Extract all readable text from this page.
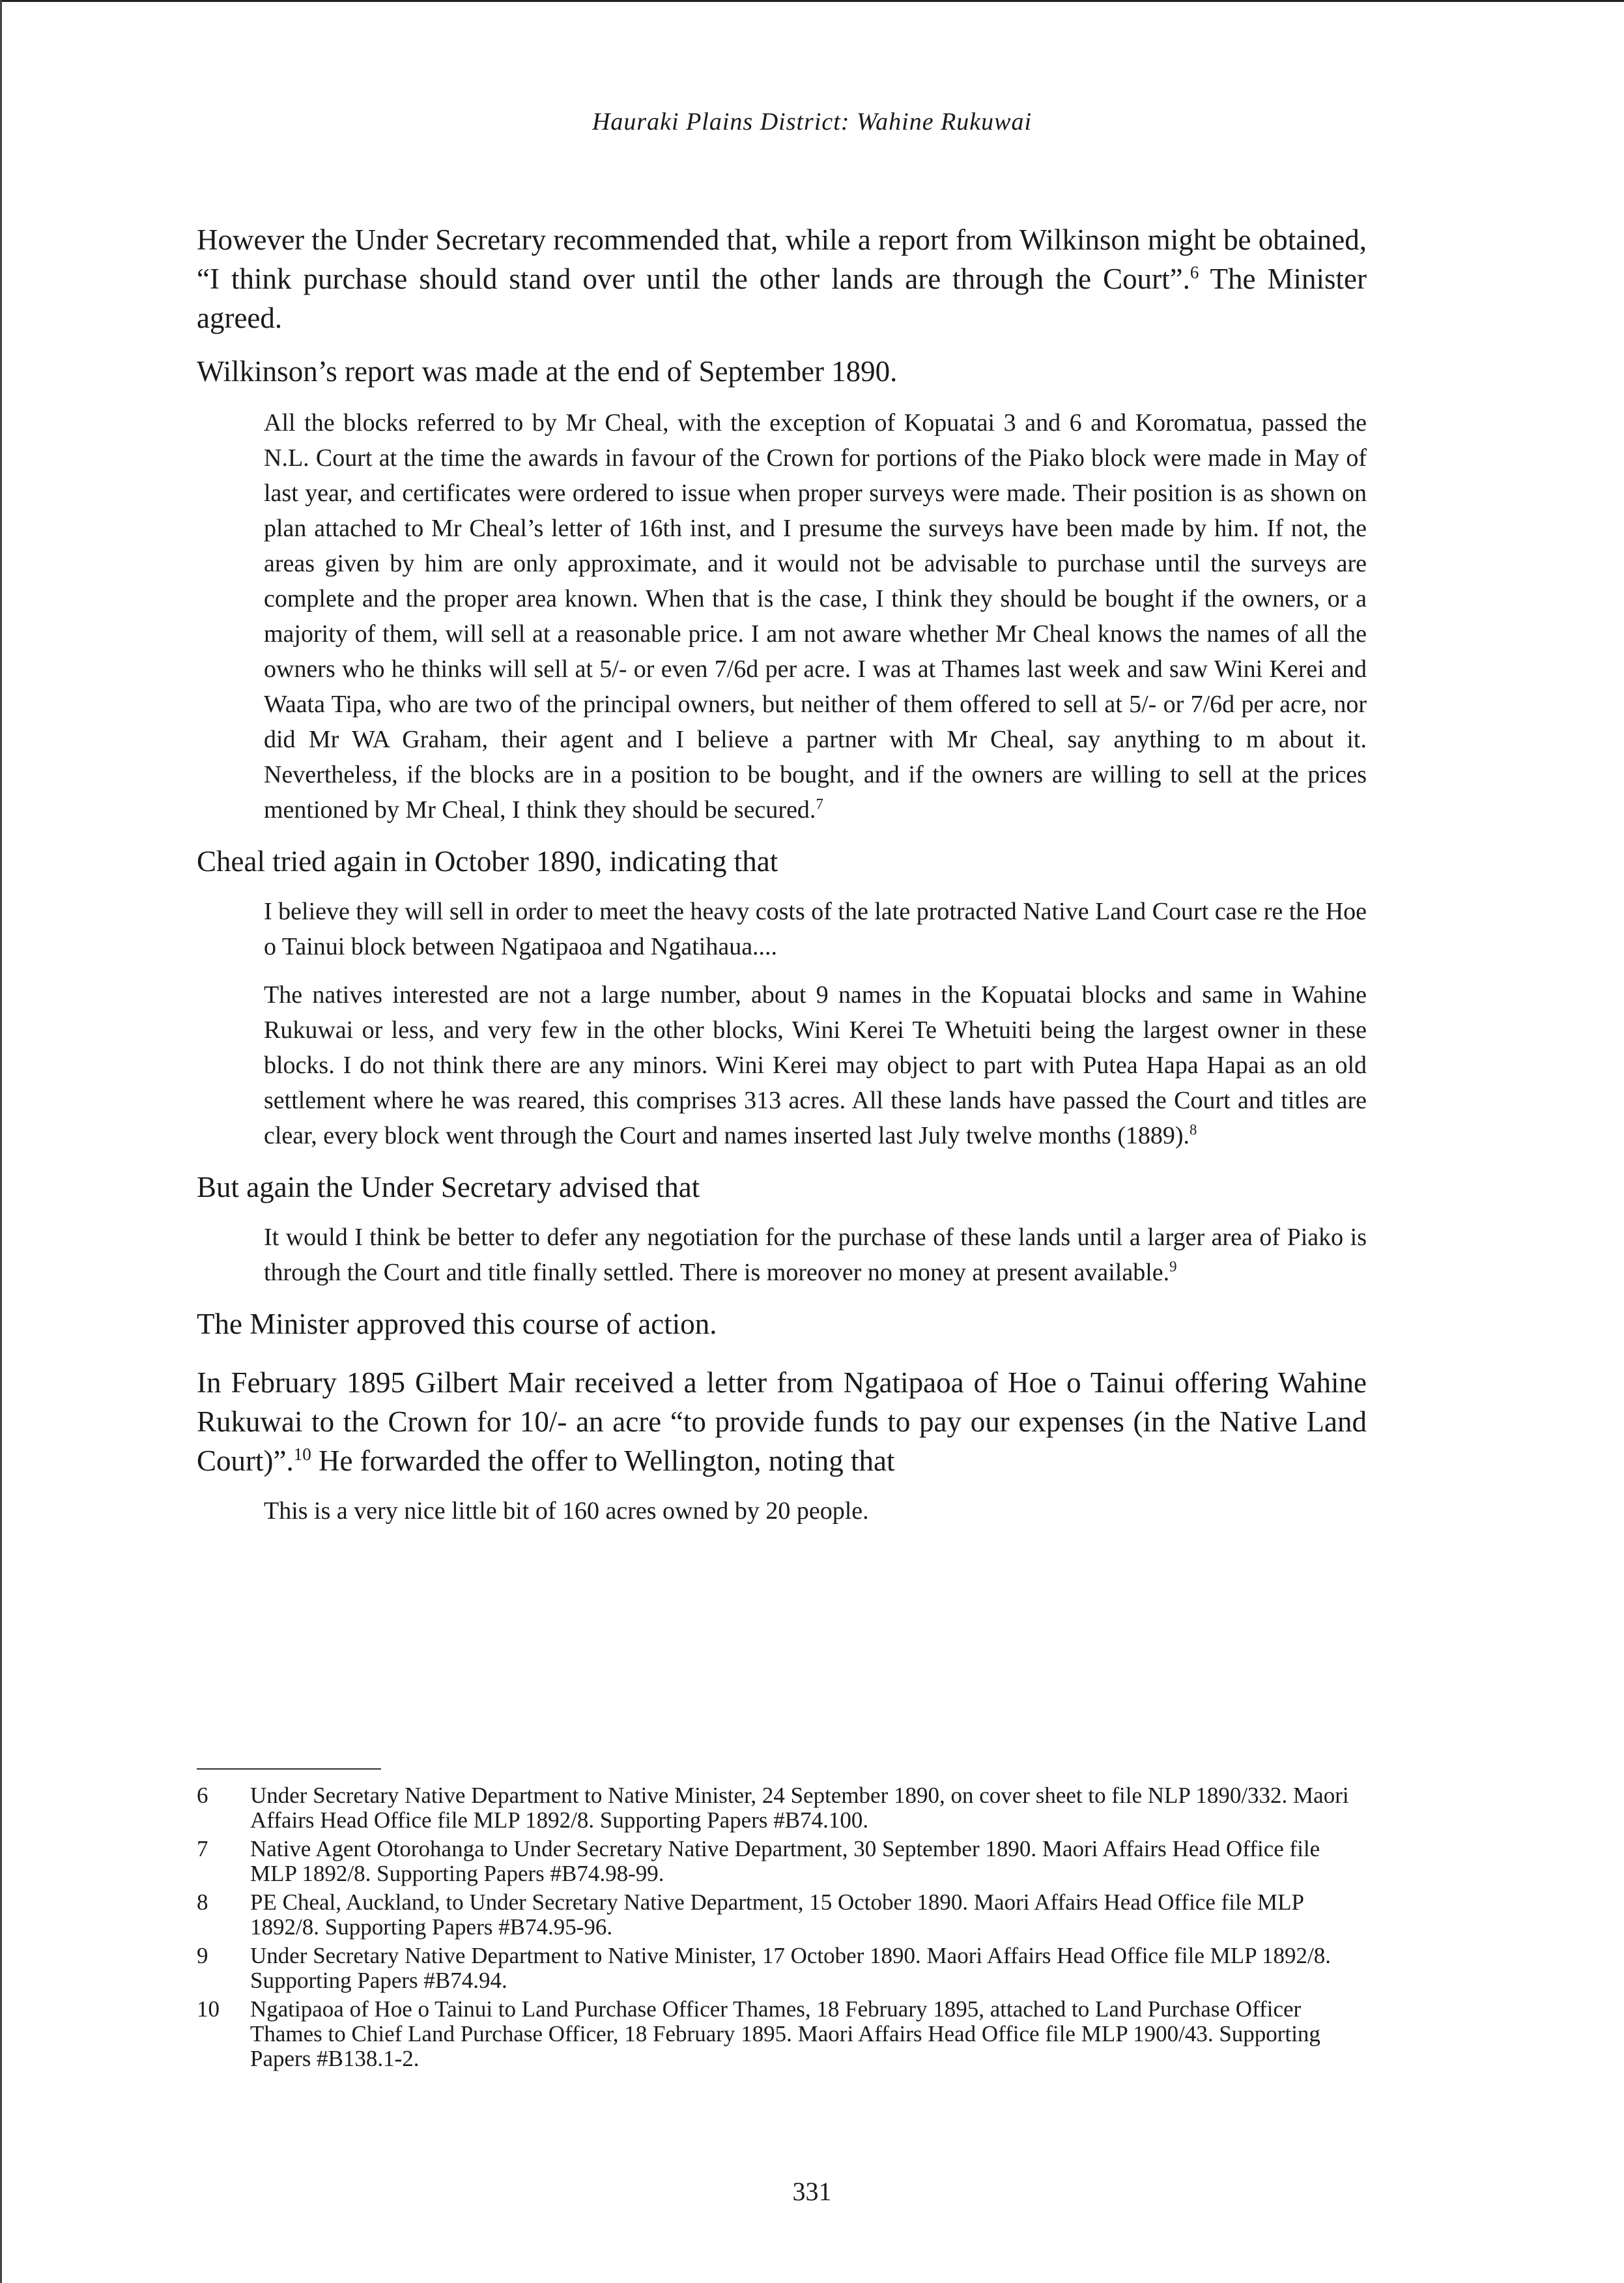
Hauraki Plains District: Wahine Rukuwai

However the Under Secretary recommended that, while a report from Wilkinson might be obtained, “I think purchase should stand over until the other lands are through the Court”.$^6$ The Minister agreed.

Wilkinson’s report was made at the end of September 1890.

All the blocks referred to by Mr Cheal, with the exception of Kopuatai 3 and 6 and Koromatua, passed the N.L. Court at the time the awards in favour of the Crown for portions of the Piako block were made in May of last year, and certificates were ordered to issue when proper surveys were made. Their position is as shown on plan attached to Mr Cheal’s letter of 16th inst, and I presume the surveys have been made by him. If not, the areas given by him are only approximate, and it would not be advisable to purchase until the surveys are complete and the proper area known. When that is the case, I think they should be bought if the owners, or a majority of them, will sell at a reasonable price. I am not aware whether Mr Cheal knows the names of all the owners who he thinks will sell at 5/- or even 7/6d per acre. I was at Thames last week and saw Wini Kerei and Waata Tipa, who are two of the principal owners, but neither of them offered to sell at 5/- or 7/6d per acre, nor did Mr WA Graham, their agent and I believe a partner with Mr Cheal, say anything to m about it. Nevertheless, if the blocks are in a position to be bought, and if the owners are willing to sell at the prices mentioned by Mr Cheal, I think they should be secured.$^7$

Cheal tried again in October 1890, indicating that

I believe they will sell in order to meet the heavy costs of the late protracted Native Land Court case re the Hoe o Tainui block between Ngatipaoa and Ngatihaua....

The natives interested are not a large number, about 9 names in the Kopuatai blocks and same in Wahine Rukuwai or less, and very few in the other blocks, Wini Kerei Te Whetuiti being the largest owner in these blocks. I do not think there are any minors. Wini Kerei may object to part with Putea Hapa Hapai as an old settlement where he was reared, this comprises 313 acres. All these lands have passed the Court and titles are clear, every block went through the Court and names inserted last July twelve months (1889).$^8$

But again the Under Secretary advised that

It would I think be better to defer any negotiation for the purchase of these lands until a larger area of Piako is through the Court and title finally settled. There is moreover no money at present available.$^9$

The Minister approved this course of action.

In February 1895 Gilbert Mair received a letter from Ngatipaoa of Hoe o Tainui offering Wahine Rukuwai to the Crown for 10/- an acre “to provide funds to pay our expenses (in the Native Land Court)”.$^{10}$ He forwarded the offer to Wellington, noting that

This is a very nice little bit of 160 acres owned by 20 people.

6	Under Secretary Native Department to Native Minister, 24 September 1890, on cover sheet to file NLP 1890/332. Maori Affairs Head Office file MLP 1892/8. Supporting Papers #B74.100.
7	Native Agent Otorohanga to Under Secretary Native Department, 30 September 1890. Maori Affairs Head Office file MLP 1892/8. Supporting Papers #B74.98-99.
8	PE Cheal, Auckland, to Under Secretary Native Department, 15 October 1890. Maori Affairs Head Office file MLP 1892/8. Supporting Papers #B74.95-96.
9	Under Secretary Native Department to Native Minister, 17 October 1890. Maori Affairs Head Office file MLP 1892/8. Supporting Papers #B74.94.
10	Ngatipaoa of Hoe o Tainui to Land Purchase Officer Thames, 18 February 1895, attached to Land Purchase Officer Thames to Chief Land Purchase Officer, 18 February 1895. Maori Affairs Head Office file MLP 1900/43. Supporting Papers #B138.1-2.
331
